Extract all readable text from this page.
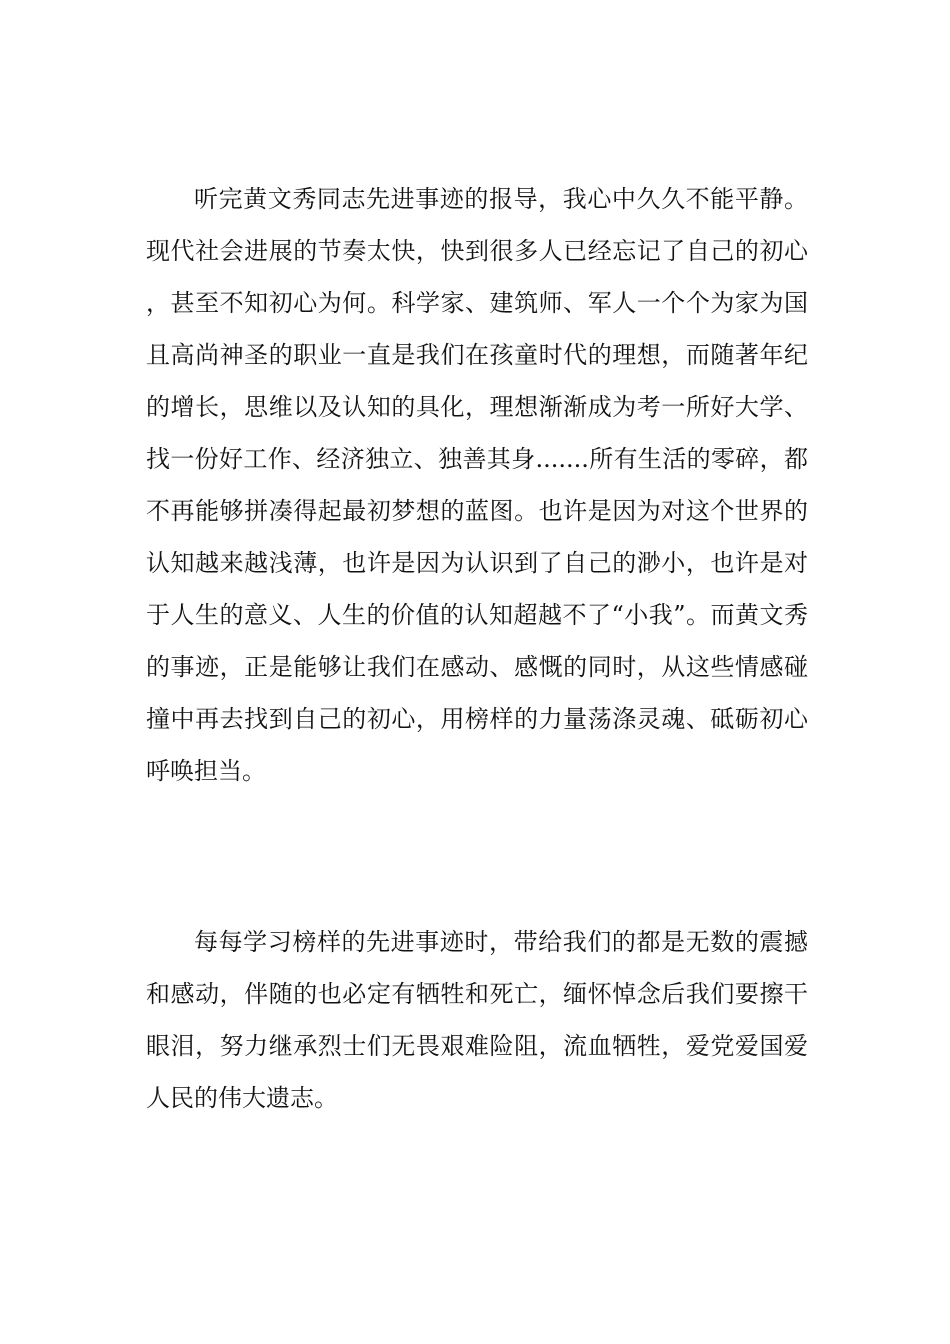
听完黄文秀同志先进事迹的报导，我心中久久不能平静。现代社会进展的节奏太快，快到很多人已经忘记了自己的初心，甚至不知初心为何。科学家、建筑师、军人一个个为家为国且高尚神圣的职业一直是我们在孩童时代的理想，而随著年纪的增长，思维以及认知的具化，理想渐渐成为考一所好大学、找一份好工作、经济独立、独善其身.......所有生活的零碎，都不再能够拼凑得起最初梦想的蓝图。也许是因为对这个世界的认知越来越浅薄，也许是因为认识到了自己的渺小，也许是对于人生的意义、人生的价值的认知超越不了“小我”。而黄文秀的事迹，正是能够让我们在感动、感慨的同时，从这些情感碰撞中再去找到自己的初心，用榜样的力量荡涤灵魂、砥砺初心呼唤担当。

每每学习榜样的先进事迹时，带给我们的都是无数的震撼和感动，伴随的也必定有牺牲和死亡，缅怀悼念后我们要擦干眼泪，努力继承烈士们无畏艰难险阻，流血牺牲，爱党爱国爱人民的伟大遗志。
